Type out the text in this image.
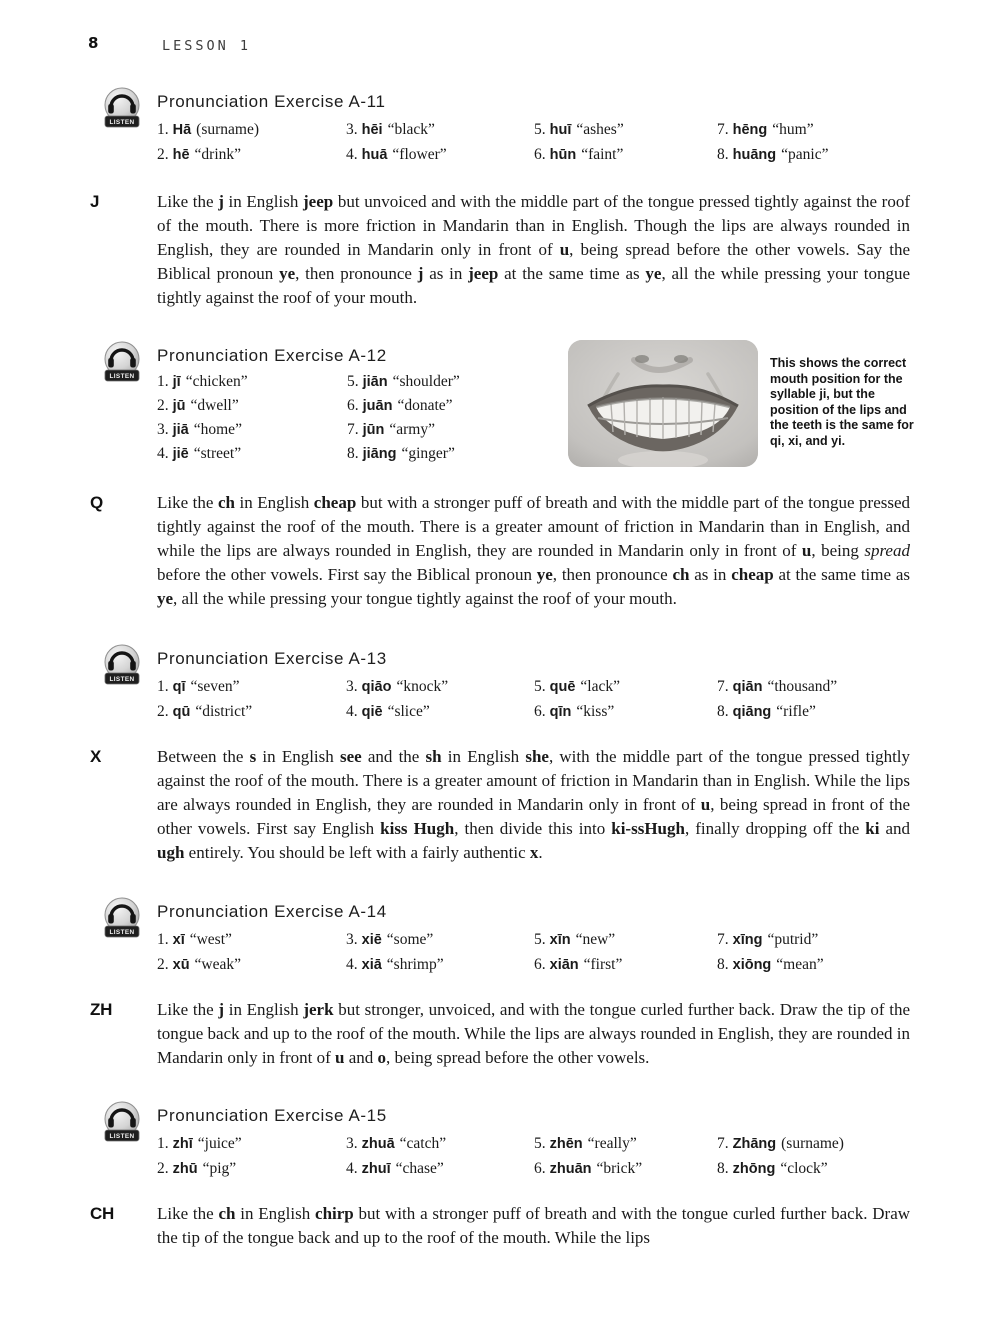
8	LESSON 1
Pronunciation Exercise A-11
1. Hā (surname)
2. hē “drink”
3. hēi “black”
4. huā “flower”
5. huī “ashes”
6. hūn “faint”
7. hēng “hum”
8. huāng “panic”
J	Like the j in English jeep but unvoiced and with the middle part of the tongue pressed tightly against the roof of the mouth. There is more friction in Mandarin than in English. Though the lips are always rounded in English, they are rounded in Mandarin only in front of u, being spread before the other vowels. Say the Biblical pronoun ye, then pronounce j as in jeep at the same time as ye, all the while pressing your tongue tightly against the roof of your mouth.

Pronunciation Exercise A-12
1. jī “chicken”
2. jū “dwell”
3. jiā “home”
4. jiē “street”
5. jiān “shoulder”
6. juān “donate”
7. jūn “army”
8. jiāng “ginger”
This shows the correct mouth position for the syllable ji, but the position of the lips and the teeth is the same for qi, xi, and yi.
Q	Like the ch in English cheap but with a stronger puff of breath and with the middle part of the tongue pressed tightly against the roof of the mouth. There is a greater amount of friction in Mandarin than in English, and while the lips are always rounded in English, they are rounded in Mandarin only in front of u, being spread before the other vowels. First say the Biblical pronoun ye, then pronounce ch as in cheap at the same time as ye, all the while pressing your tongue tightly against the roof of your mouth.

Pronunciation Exercise A-13
1. qī “seven”
2. qū “district”
3. qiāo “knock”
4. qiē “slice”
5. quē “lack”
6. qīn “kiss”
7. qiān “thousand”
8. qiāng “rifle”
X	Between the s in English see and the sh in English she, with the middle part of the tongue pressed tightly against the roof of the mouth. There is a greater amount of friction in Mandarin than in English. While the lips are always rounded in English, they are rounded in Mandarin only in front of u, being spread in front of the other vowels. First say English kiss Hugh, then divide this into ki-ssHugh, finally dropping off the ki and ugh entirely. You should be left with a fairly authentic x.

Pronunciation Exercise A-14
1. xī “west”
2. xū “weak”
3. xiē “some”
4. xiā “shrimp”
5. xīn “new”
6. xiān “first”
7. xīng “putrid”
8. xiōng “mean”
ZH	Like the j in English jerk but stronger, unvoiced, and with the tongue curled further back. Draw the tip of the tongue back and up to the roof of the mouth. While the lips are always rounded in English, they are rounded in Mandarin only in front of u and o, being spread before the other vowels.

Pronunciation Exercise A-15
1. zhī “juice”
2. zhū “pig”
3. zhuā “catch”
4. zhuī “chase”
5. zhēn “really”
6. zhuān “brick”
7. Zhāng (surname)
8. zhōng “clock”
CH	Like the ch in English chirp but with a stronger puff of breath and with the tongue curled further back. Draw the tip of the tongue back and up to the roof of the mouth. While the lips
